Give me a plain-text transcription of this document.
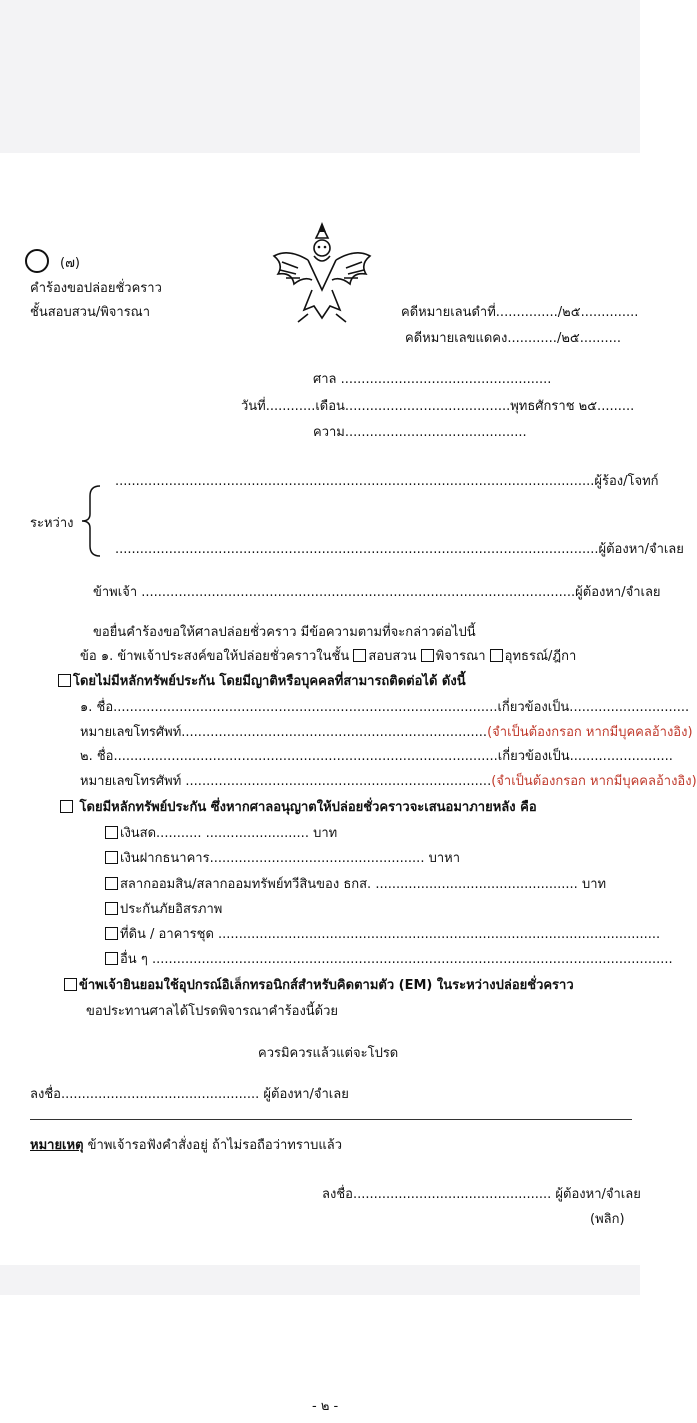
(๗)
คำร้องขอปล่อยชั่วคราว
ชั้นสอบสวน/พิจารณา	คดีหมายเลนดำที่.............../๒๕..............
คดีหมายเลขแดคง............/๒๕..........
ศาล ...................................................
วันที่............เดือน........................................พุทธศักราช ๒๕.........
ความ............................................
ระหว่าง
....................................................................................................................ผู้ร้อง/โจทก์
.....................................................................................................................ผู้ต้องหา/จำเลย
ข้าพเจ้า .........................................................................................................ผู้ต้องหา/จำเลย
ขอยื่นคำร้องขอให้ศาลปล่อยชั่วคราว มีข้อความตามที่จะกล่าวต่อไปนี้
ข้อ ๑. ข้าพเจ้าประสงค์ขอให้ปล่อยชั่วคราวในชั้น สอบสวน พิจารณา อุทธรณ์/ฎีกา
โดยไม่มีหลักทรัพย์ประกัน โดยมีญาติหรือบุคคลที่สามารถติดต่อได้ ดังนี้
๑. ชื่อ.............................................................................................เกี่ยวข้องเป็น.............................
หมายเลขโทรศัพท์..........................................................................(จำเป็นต้องกรอก หากมีบุคคลอ้างอิง)
๒. ชื่อ.............................................................................................เกี่ยวข้องเป็น.........................
หมายเลขโทรศัพท์ ..........................................................................(จำเป็นต้องกรอก หากมีบุคคลอ้างอิง)
โดยมีหลักทรัพย์ประกัน ซึ่งหากศาลอนุญาตให้ปล่อยชั่วคราวจะเสนอมาภายหลัง คือ
เงินสด........... ......................... บาท
เงินฝากธนาคาร.................................................... บาหา
สลากออมสิน/สลากออมทรัพย์ทวีสินของ ธกส. ................................................. บาท
ประกันภัยอิสรภาพ
ที่ดิน / อาคารชุด ...........................................................................................................
อื่น ๆ ..............................................................................................................................
ข้าพเจ้ายินยอมใช้อุปกรณ์อิเล็กทรอนิกส์สำหรับคิดตามตัว (EM) ในระหว่างปล่อยชั่วคราว
ขอประทานศาลได้โปรดพิจารณาคำร้องนี้ด้วย
ควรมิควรแล้วแต่จะโปรด
ลงชื่อ................................................ ผู้ต้องหา/จำเลย
หมายเหตุ ข้าพเจ้ารอฟังคำสั่งอยู่ ถ้าไม่รอถือว่าทราบแล้ว
ลงชื่อ................................................ ผู้ต้องหา/จำเลย
(พลิก)
- ๒ -
